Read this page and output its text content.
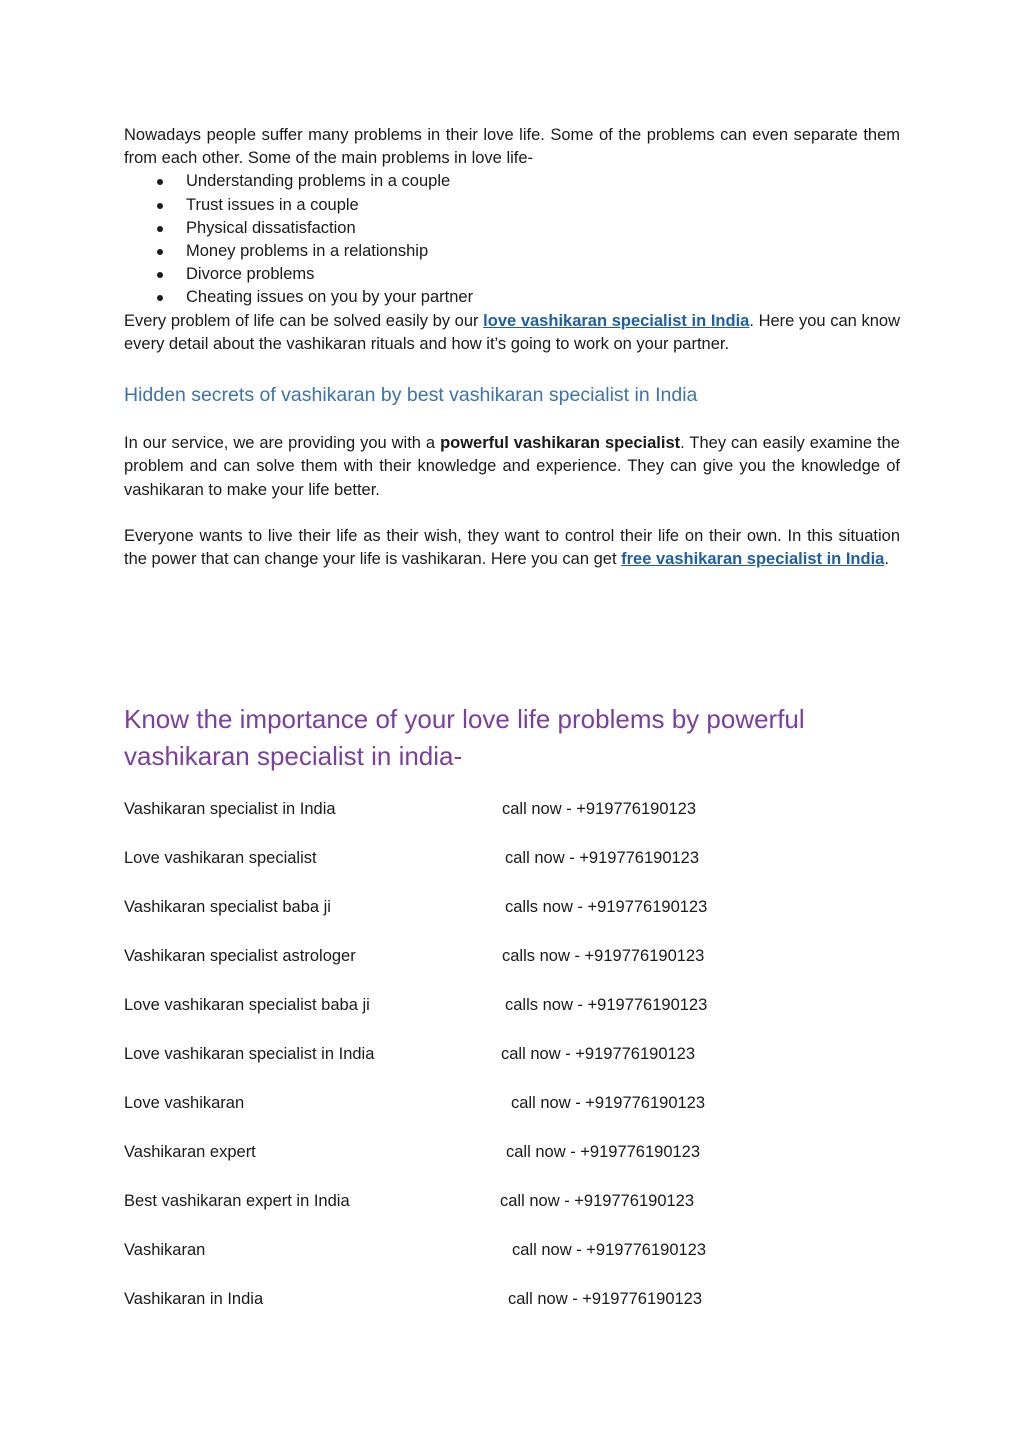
Nowadays people suffer many problems in their love life. Some of the problems can even separate them from each other. Some of the main problems in love life-

Understanding problems in a couple
Trust issues in a couple
Physical dissatisfaction
Money problems in a relationship
Divorce problems
Cheating issues on you by your partner

Every problem of life can be solved easily by our love vashikaran specialist in India. Here you can know every detail about the vashikaran rituals and how it’s going to work on your partner.

Hidden secrets of vashikaran by best vashikaran specialist in India

In our service, we are providing you with a powerful vashikaran specialist. They can easily examine the problem and can solve them with their knowledge and experience. They can give you the knowledge of vashikaran to make your life better.

Everyone wants to live their life as their wish, they want to control their life on their own. In this situation the power that can change your life is vashikaran. Here you can get free vashikaran specialist in India.

Know the importance of your love life problems by powerful vashikaran specialist in india-
Vashikaran specialist in India	call now - +919776190123
Love vashikaran specialist	call now - +919776190123
Vashikaran specialist baba ji	calls now - +919776190123
Vashikaran specialist astrologer	calls now - +919776190123
Love vashikaran specialist baba ji	calls now - +919776190123
Love vashikaran specialist in India	call now - +919776190123
Love vashikaran	call now - +919776190123
Vashikaran expert	call now - +919776190123
Best vashikaran expert in India	call now - +919776190123
Vashikaran	call now - +919776190123
Vashikaran in India	call now - +919776190123
